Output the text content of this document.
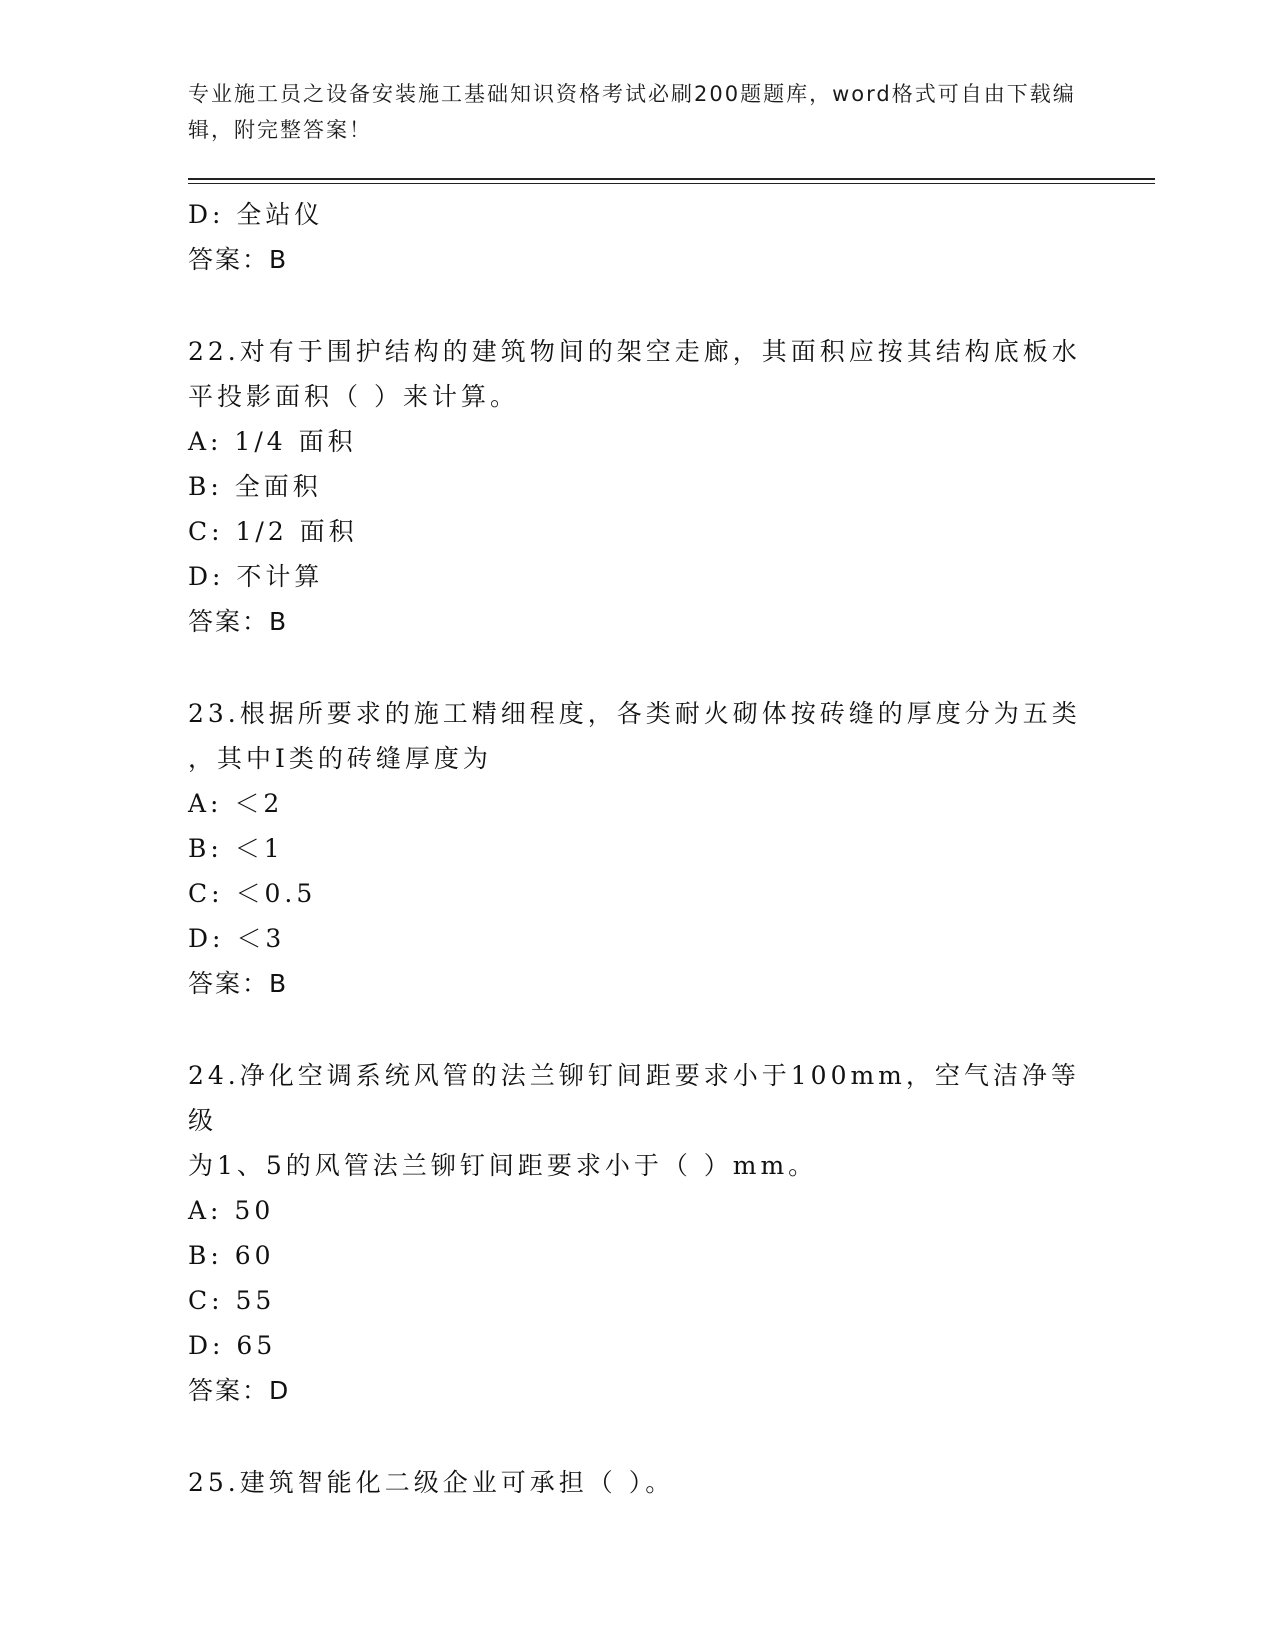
专业施工员之设备安装施工基础知识资格考试必刷200题题库，word格式可自由下载编辑，附完整答案！
D: 全站仪
答案：B
22.对有于围护结构的建筑物间的架空走廊，其面积应按其结构底板水
平投影面积（ ）来计算。
A: 1/4 面积
B: 全面积
C: 1/2 面积
D: 不计算
答案：B
23.根据所要求的施工精细程度，各类耐火砌体按砖缝的厚度分为五类
，其中Ⅰ类的砖缝厚度为
A: ＜2
B: ＜1
C: ＜0.5
D: ＜3
答案：B
24.净化空调系统风管的法兰铆钉间距要求小于100mm，空气洁净等级
为1、5的风管法兰铆钉间距要求小于（ ）mm。
A: 50
B: 60
C: 55
D: 65
答案：D
25.建筑智能化二级企业可承担（ ）。
